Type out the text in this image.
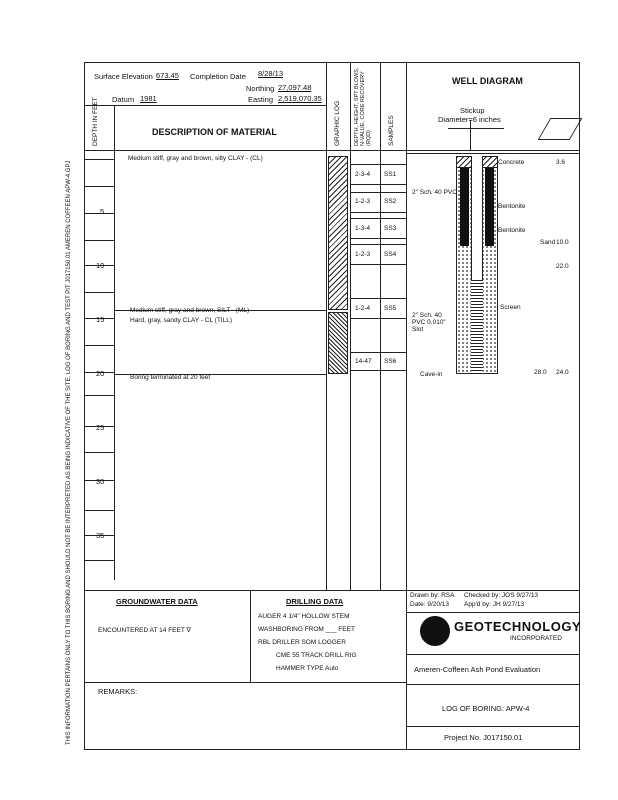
THIS INFORMATION PERTAINS ONLY TO THIS BORING AND SHOULD NOT BE INTERPRETED AS BEING INDICATIVE OF THE SITE. LOG OF BORING AND TEST PIT J017150.01 AMEREN COFFEEN APW-4.GPJ
Surface Elevation 673.45 Completion Date 8/28/13
Northing 27,097.48
Easting 2,519,070.35
Datum 1981
DEPTH IN FEET	DESCRIPTION OF MATERIAL	GRAPHIC LOG DEPTH, HEIGHT, SPT BLOWS, N-VALUE, CORE RECOVERY (RQD) SAMPLES
5
10
15
20
25
30
35
Medium stiff, gray and brown, silty CLAY - (CL)
Medium stiff, gray and brown, SILT - (ML)
Hard, gray, sandy CLAY - CL (TILL)
Boring terminated at 20 feet
2-3-4 SS1
1-2-3 SS2
1-3-4 SS3
1-2-3 SS4
1-2-4 SS5
14-47 SS6
WELL DIAGRAM
Stickup
Diameter=6 inches
Concrete
Bentonite
Sand
Screen
2" Sch. 40 PVC
2" Sch. 40 PVC 0.010" Slot
Bentonite
Cave-in
3.6
10.0
22.0
24.0
28.0
GROUNDWATER DATA
ENCOUNTERED AT 14 FEET ∇
DRILLING DATA
AUGER 4 1/4" HOLLOW STEM
WASHBORING FROM ___ FEET
RBL DRILLER SOM LOGGER
CME 55 TRACK DRILL RIG
HAMMER TYPE Auto
REMARKS:
Drawn by: RSA Checked by: JOS 9/27/13
Date: 9/20/13 App'd by: JH 9/27/13
GEOTECHNOLOGY
INCORPORATED
Ameren-Coffeen Ash Pond Evaluation
LOG OF BORING: APW-4
Project No. J017150.01
